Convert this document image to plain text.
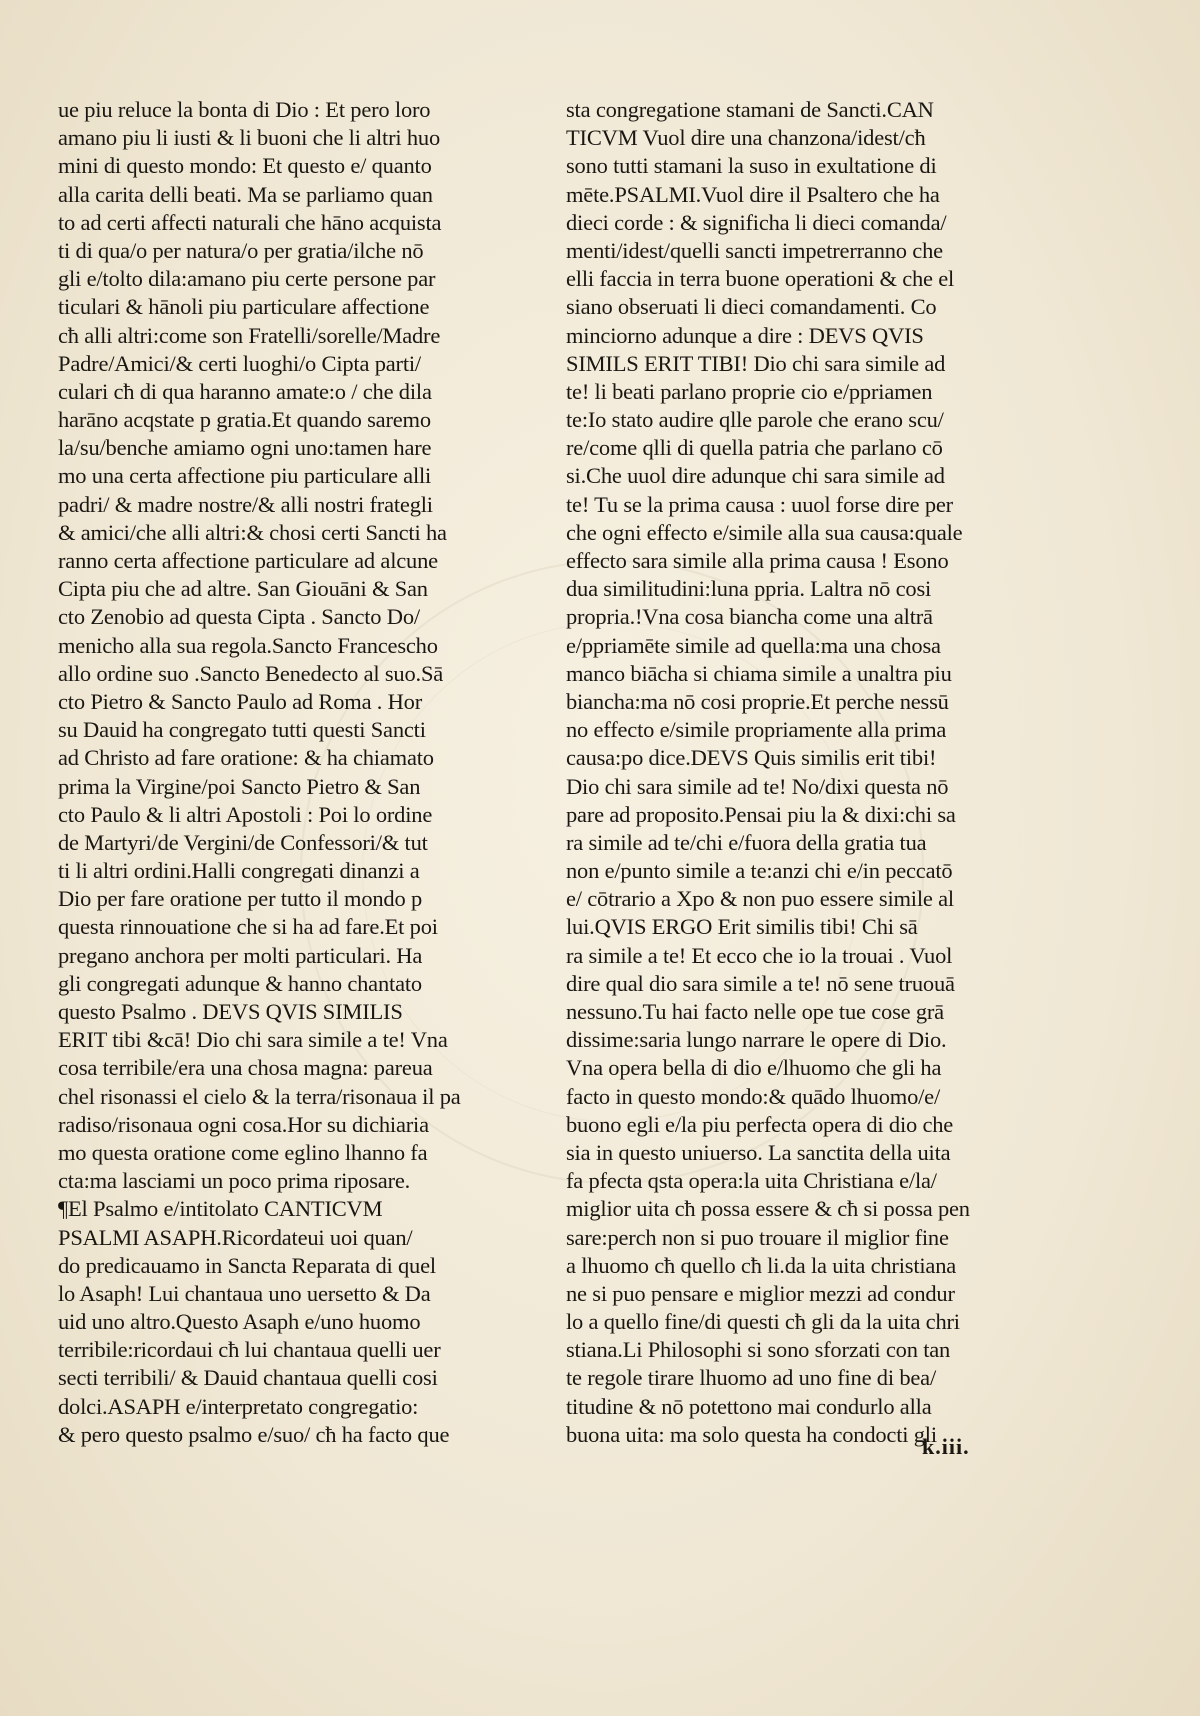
ue piu reluce la bonta di Dio : Et pero loro
amano piu li iusti & li buoni che li altri huo
mini di questo mondo: Et questo e/ quanto
alla carita delli beati. Ma se parliamo quan
to ad certi affecti naturali che hāno acquista
ti di qua/o per natura/o per gratia/ilche nō
gli e/tolto dila:amano piu certe persone par
ticulari & hānoli piu particulare affectione
cħ alli altri:come son Fratelli/sorelle/Madre
Padre/Amici/& certi luoghi/o Cipta parti/
culari cħ di qua haranno amate:o / che dila
harāno acqstate p gratia.Et quando saremo
la/su/benche amiamo ogni uno:tamen hare
mo una certa affectione piu particulare alli
padri/ & madre nostre/& alli nostri frategli
& amici/che alli altri:& chosi certi Sancti ha
ranno certa affectione particulare ad alcune
Cipta piu che ad altre. San Giouāni & San
cto Zenobio ad questa Cipta . Sancto Do/
menicho alla sua regola.Sancto Francescho
allo ordine suo .Sancto Benedecto al suo.Sā
cto Pietro & Sancto Paulo ad Roma . Hor
su Dauid ha congregato tutti questi Sancti
ad Christo ad fare oratione: & ha chiamato
prima la Virgine/poi Sancto Pietro & San
cto Paulo & li altri Apostoli : Poi lo ordine
de Martyri/de Vergini/de Confessori/& tut
ti li altri ordini.Halli congregati dinanzi a
Dio per fare oratione per tutto il mondo p
questa rinnouatione che si ha ad fare.Et poi
pregano anchora per molti particulari. Ha
gli congregati adunque & hanno chantato
questo Psalmo . DEVS QVIS SIMILIS
ERIT tibi &cā! Dio chi sara simile a te! Vna
cosa terribile/era una chosa magna: pareua
chel risonassi el cielo & la terra/risonaua il pa
radiso/risonaua ogni cosa.Hor su dichiaria
mo questa oratione come eglino lhanno fa
cta:ma lasciami un poco prima riposare.
¶El Psalmo e/intitolato CANTICVM
PSALMI ASAPH.Ricordateui uoi quan/
do predicauamo in Sancta Reparata di quel
lo Asaph! Lui chantaua uno uersetto & Da
uid uno altro.Questo Asaph e/uno huomo
terribile:ricordaui cħ lui chantaua quelli uer
secti terribili/ & Dauid chantaua quelli cosi
dolci.ASAPH e/interpretato congregatio:
& pero questo psalmo e/suo/ cħ ha facto que
sta congregatione stamani de Sancti.CAN
TICVM Vuol dire una chanzona/idest/cħ
sono tutti stamani la suso in exultatione di
mēte.PSALMI.Vuol dire il Psaltero che ha
dieci corde : & significha li dieci comanda/
menti/idest/quelli sancti impetrerranno che
elli faccia in terra buone operationi & che el
siano obseruati li dieci comandamenti. Co
minciorno adunque a dire : DEVS QVIS
SIMILS ERIT TIBI! Dio chi sara simile ad
te! li beati parlano proprie cio e/ppriamen
te:Io stato audire qlle parole che erano scu/
re/come qlli di quella patria che parlano cō
si.Che uuol dire adunque chi sara simile ad
te! Tu se la prima causa : uuol forse dire per
che ogni effecto e/simile alla sua causa:quale
effecto sara simile alla prima causa ! Esono
dua similitudini:luna ppria. Laltra nō cosi
propria.!Vna cosa biancha come una altrā
e/ppriamēte simile ad quella:ma una chosa
manco biācha si chiama simile a unaltra piu
biancha:ma nō cosi proprie.Et perche nessū
no effecto e/simile propriamente alla prima
causa:po dice.DEVS Quis similis erit tibi!
Dio chi sara simile ad te! No/dixi questa nō
pare ad proposito.Pensai piu la & dixi:chi sa
ra simile ad te/chi e/fuora della gratia tua
non e/punto simile a te:anzi chi e/in peccatō
e/ cōtrario a Xpo & non puo essere simile al
lui.QVIS ERGO Erit similis tibi! Chi sā
ra simile a te! Et ecco che io la trouai . Vuol
dire qual dio sara simile a te! nō sene truouā
nessuno.Tu hai facto nelle ope tue cose grā
dissime:saria lungo narrare le opere di Dio.
Vna opera bella di dio e/lhuomo che gli ha
facto in questo mondo:& quādo lhuomo/e/
buono egli e/la piu perfecta opera di dio che
sia in questo uniuerso. La sanctita della uita
fa pfecta qsta opera:la uita Christiana e/la/
miglior uita cħ possa essere & cħ si possa pen
sare:perch non si puo trouare il miglior fine
a lhuomo cħ quello cħ li.da la uita christiana
ne si puo pensare e miglior mezzi ad condur
lo a quello fine/di questi cħ gli da la uita chri
stiana.Li Philosophi si sono sforzati con tan
te regole tirare lhuomo ad uno fine di bea/
titudine & nō potettono mai condurlo alla
buona uita: ma solo questa ha condocti gli
k.iii.
